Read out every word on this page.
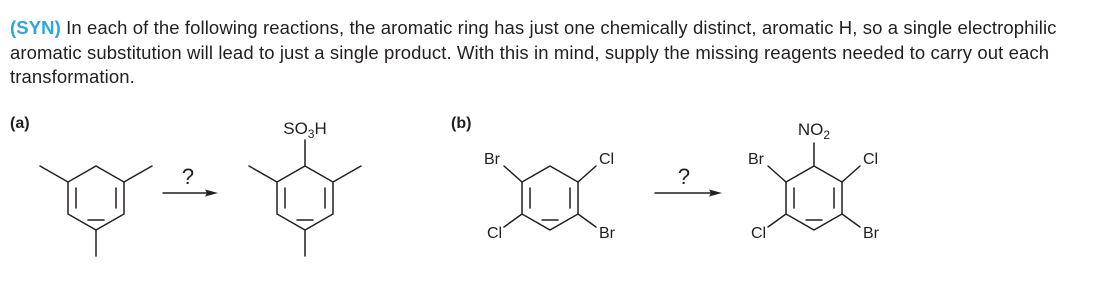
(SYN) In each of the following reactions, the aromatic ring has just one chemically distinct, aromatic H, so a single electrophilic aromatic substitution will lead to just a single product. With this in mind, supply the missing reagents needed to carry out each transformation.
(a)	(b)
?	?
$SO_3H$
Br	Cl
Cl	Br
$NO_2$
Br	Cl
Cl	Br
